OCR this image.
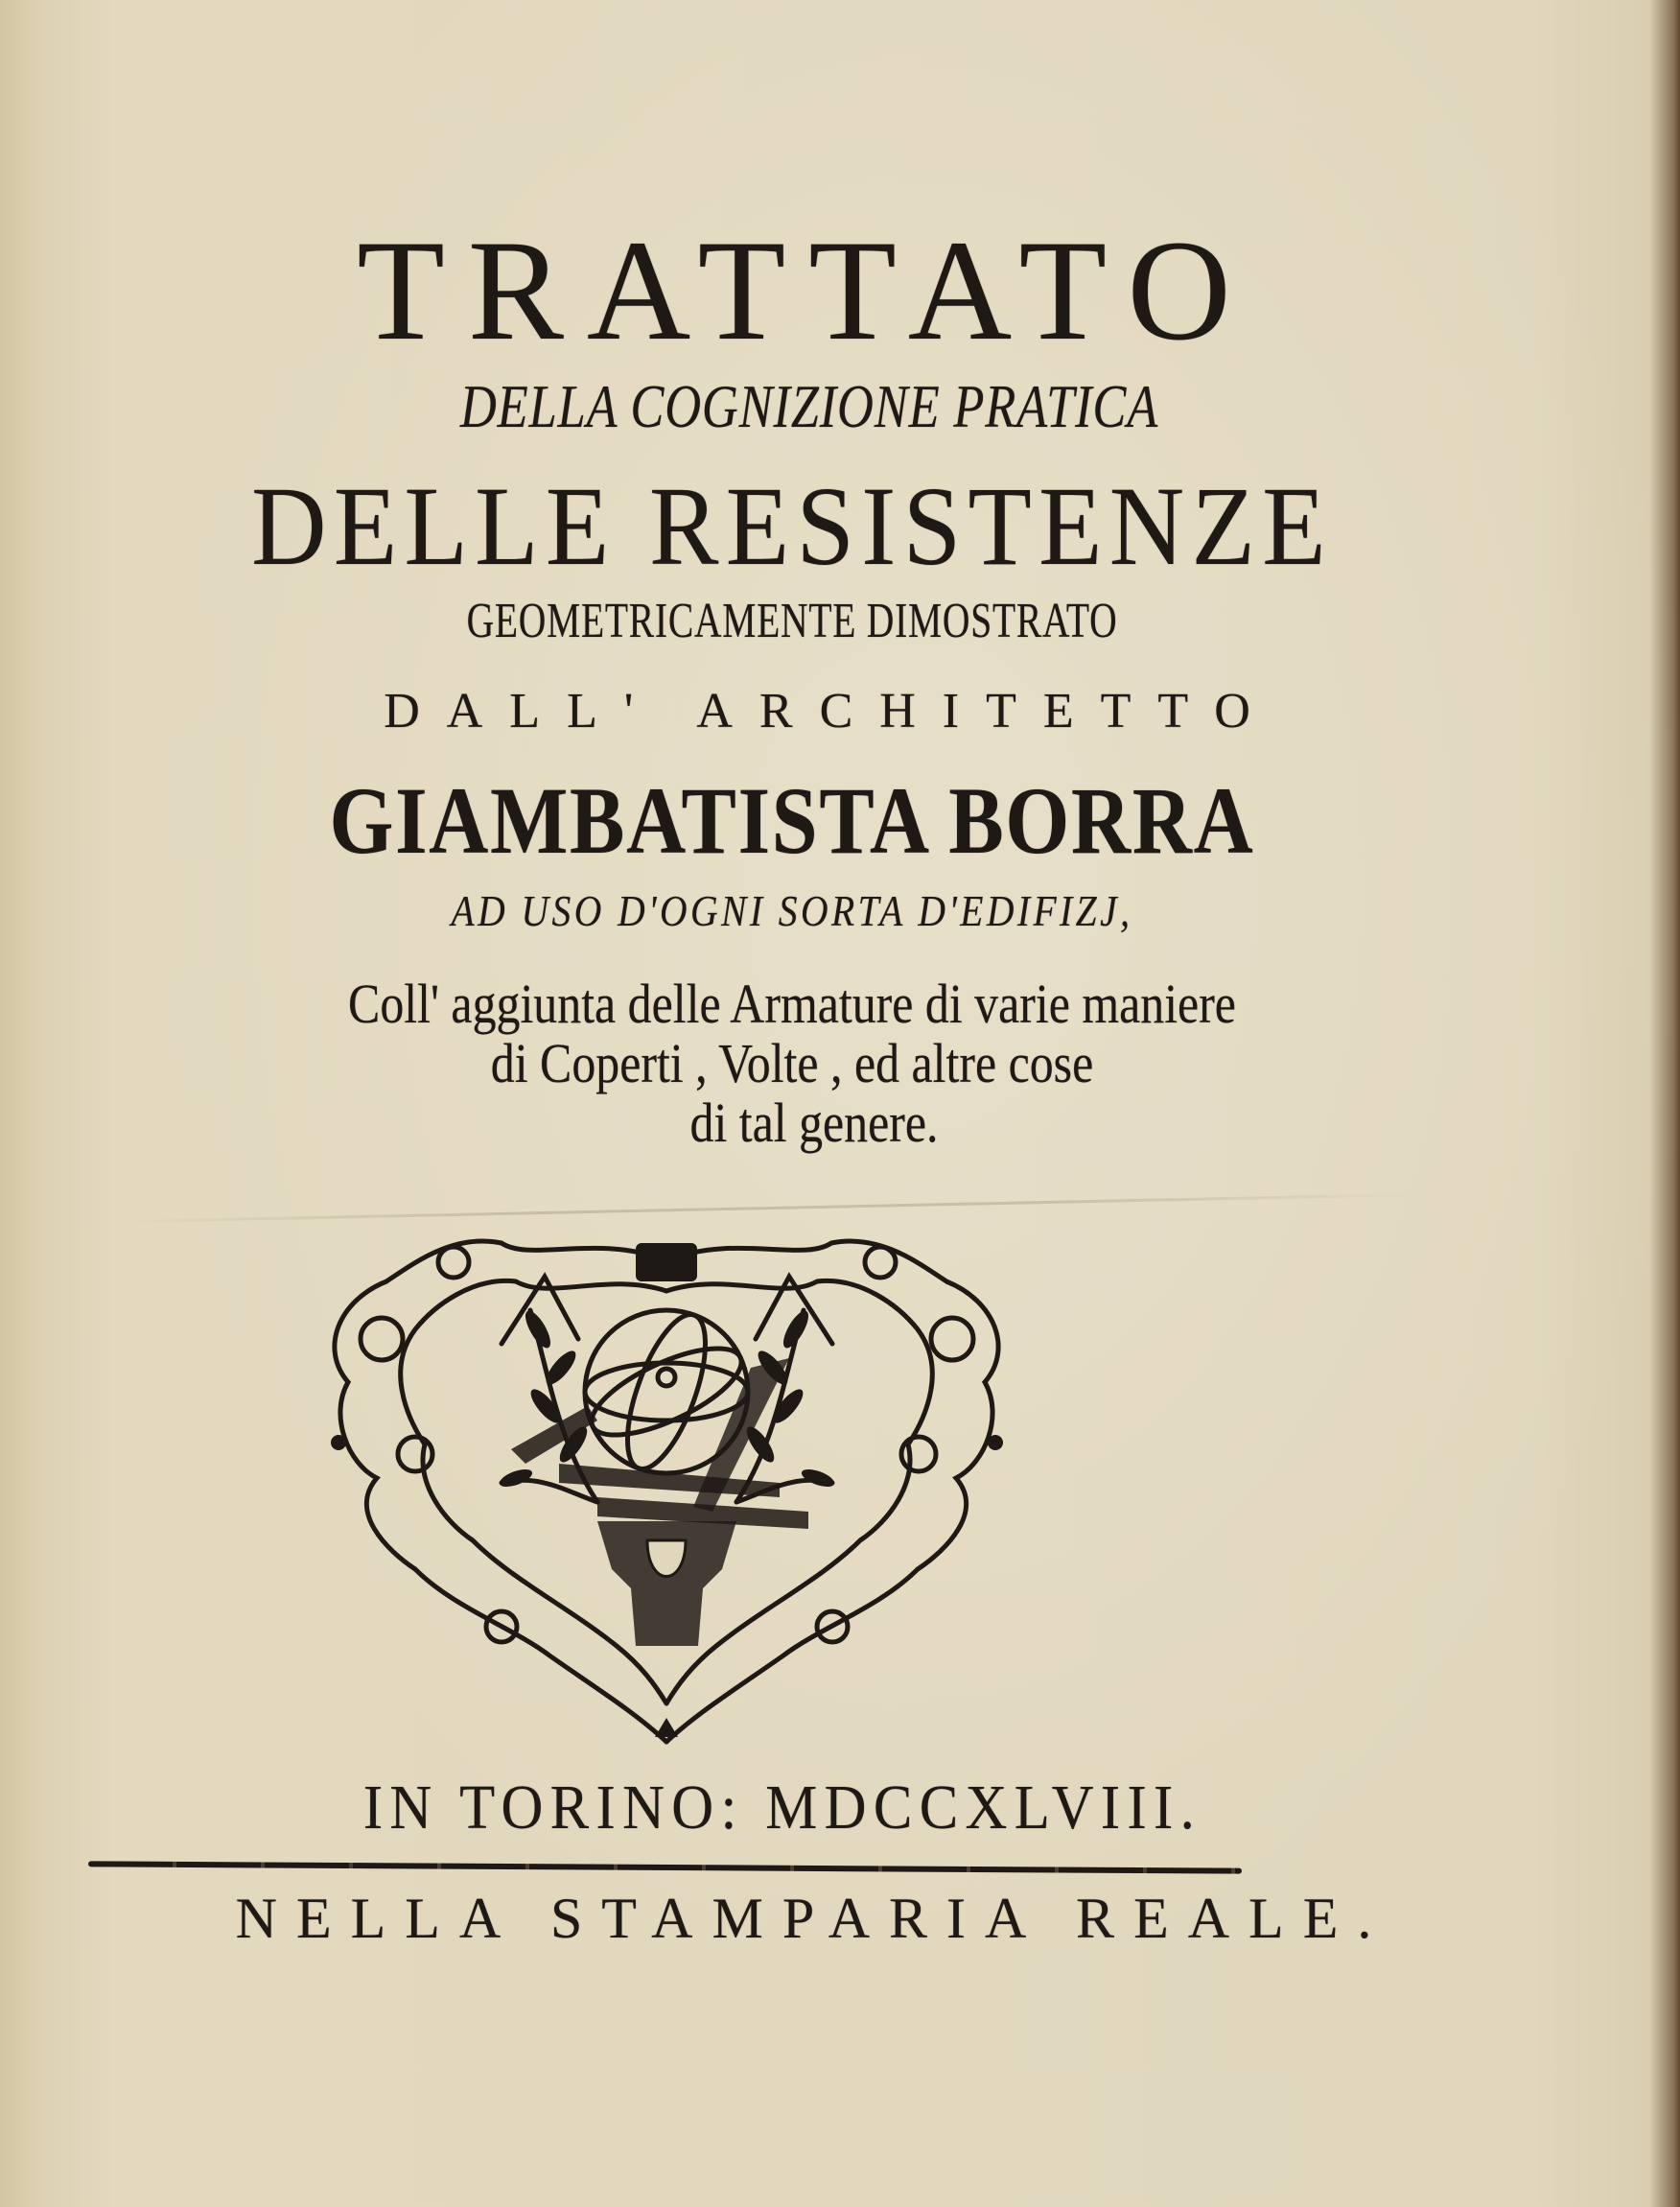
TRATTATO
DELLA COGNIZIONE PRATICA
DELLE RESISTENZE
GEOMETRICAMENTE DIMOSTRATO
DALL' ARCHITETTO
GIAMBATISTA BORRA
AD USO D'OGNI SORTA D'EDIFIZJ,
Coll' aggiunta delle Armature di varie maniere
di Coperti , Volte , ed altre cose
di tal genere.
IN TORINO: MDCCXLVIII.
NELLA STAMPARIA REALE.
